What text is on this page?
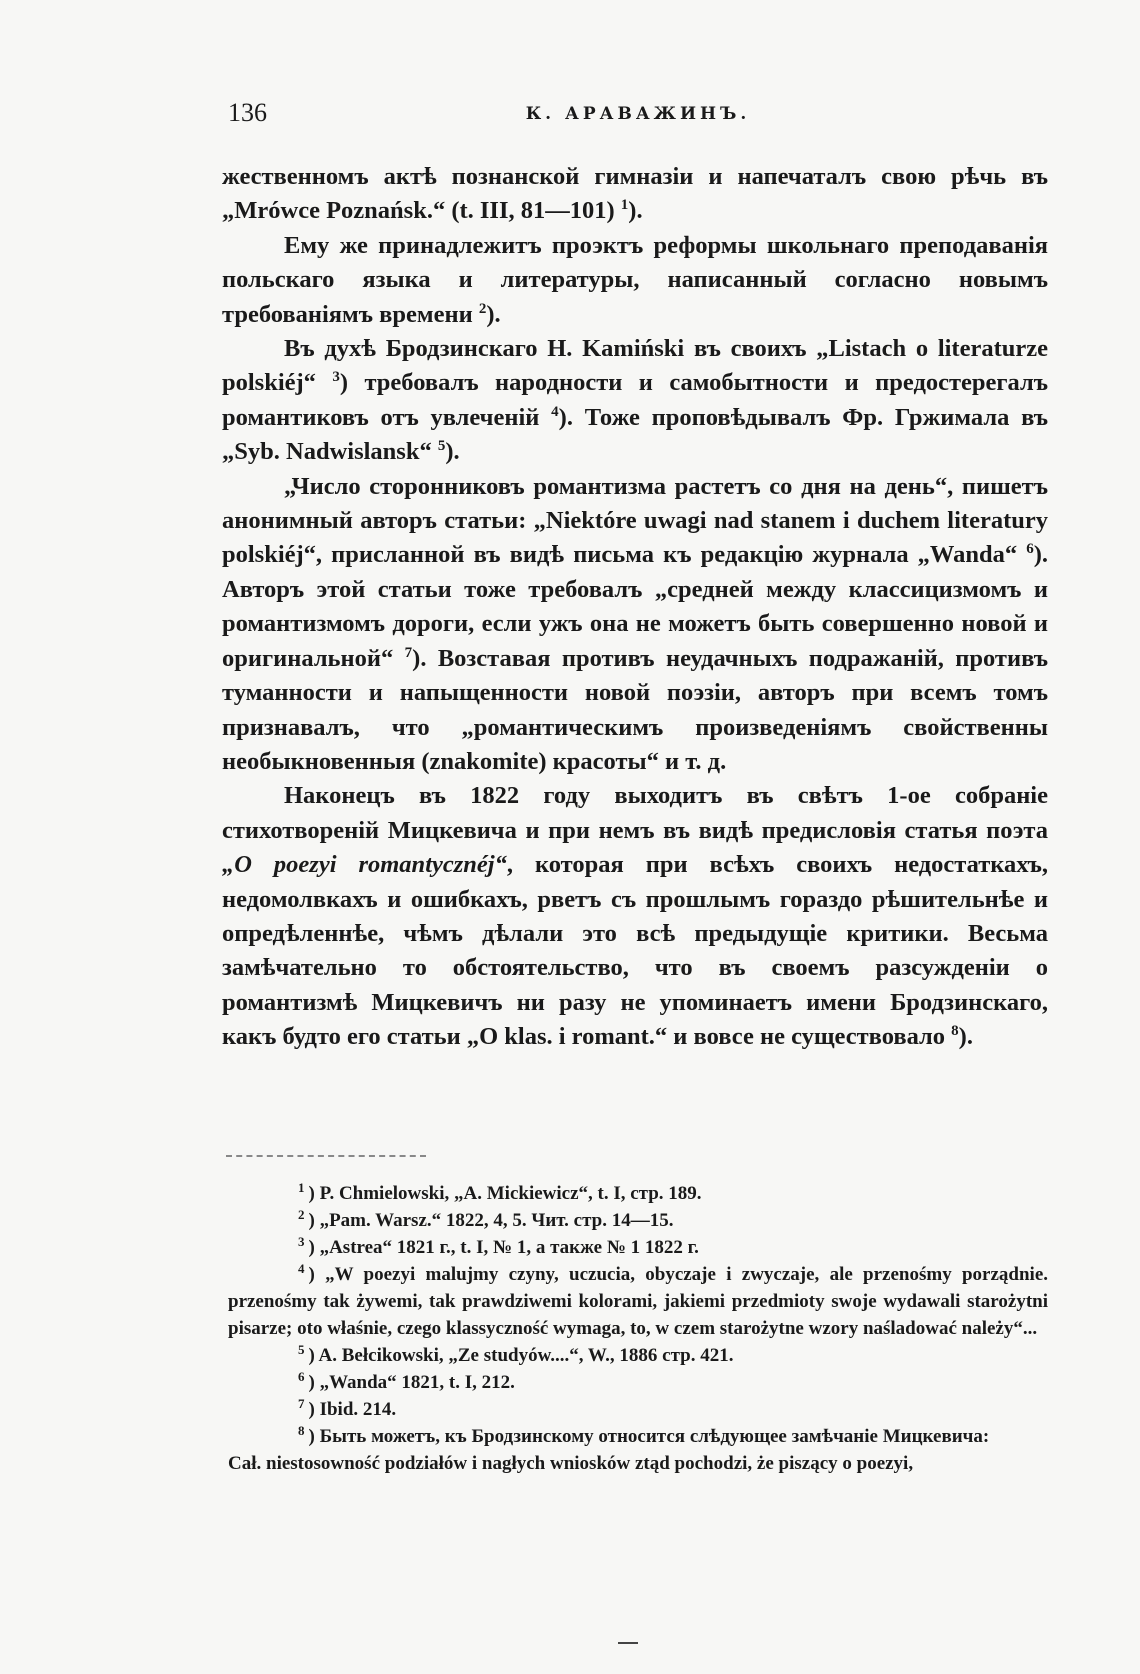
136	К. АРАВАЖИНЪ.

жественномъ актѣ познанской гимназіи и напечаталъ свою рѣчь въ „Mrówce Poznańsk.“ (t. III, 81—101) $^1$).

Ему же принадлежитъ проэктъ реформы школьнаго преподаванія польскаго языка и литературы, написанный согласно новымъ требованіямъ времени $^2$).

Въ духѣ Бродзинскаго H. Kamiński въ своихъ „Listach o literaturze polskiéj“ $^3$) требовалъ народности и самобытности и предостерегалъ романтиковъ отъ увлеченій $^4$). Тоже проповѣдывалъ Фр. Гржимала въ „Syb. Nadwislansk“ $^5$).

„Число сторонниковъ романтизма растетъ со дня на день“, пишетъ анонимный авторъ статьи: „Niektóre uwagi nad stanem i duchem literatury polskiéj“, присланной въ видѣ письма къ редакцію журнала „Wanda“ $^6$). Авторъ этой статьи тоже требовалъ „средней между классицизмомъ и романтизмомъ дороги, если ужъ она не можетъ быть совершенно новой и оригинальной“ $^7$). Возставая противъ неудачныхъ подражаній, противъ туманности и напыщенности новой поэзіи, авторъ при всемъ томъ признавалъ, что „романтическимъ произведеніямъ свойственны необыкновенныя (znakomite) красоты“ и т. д.

Наконецъ въ 1822 году выходитъ въ свѣтъ 1-ое собраніе стихотвореній Мицкевича и при немъ въ видѣ предисловія статья поэта „O poezyi romantycznéj“, которая при всѣхъ своихъ недостаткахъ, недомолвкахъ и ошибкахъ, рветъ съ прошлымъ гораздо рѣшительнѣе и опредѣленнѣе, чѣмъ дѣлали это всѣ предыдущіе критики. Весьма замѣчательно то обстоятельство, что въ своемъ разсужденіи о романтизмѣ Мицкевичъ ни разу не упоминаетъ имени Бродзинскаго, какъ будто его статьи „O klas. i romant.“ и вовсе не существовало $^8$).

$^1$ ) P. Chmielowski, „A. Mickiewicz“, t. I, стр. 189.

$^2$ ) „Pam. Warsz.“ 1822, 4, 5. Чит. стр. 14—15.

$^3$ ) „Astrea“ 1821 г., t. I, № 1, а также № 1 1822 г.

$^4$ ) „W poezyi malujmy czyny, uczucia, obyczaje i zwyczaje, ale przenośmy porządnie. przenośmy tak żywemi, tak prawdziwemi kolorami, jakiemi przedmioty swoje wydawali starożytni pisarze; oto właśnie, czego klassyczność wymaga, to, w czem starożytne wzory naśladować należy“...

$^5$ ) A. Bełcikowski, „Ze studyów....“, W., 1886 стр. 421.

$^6$ ) „Wanda“ 1821, t. I, 212.

$^7$ ) Ibid. 214.

$^8$ ) Быть можетъ, къ Бродзинскому относится слѣдующее замѣчаніе Мицкевича:

Cał. niestosowność podziałów i nagłych wniosków ztąd pochodzi, że piszący o poezyi,
